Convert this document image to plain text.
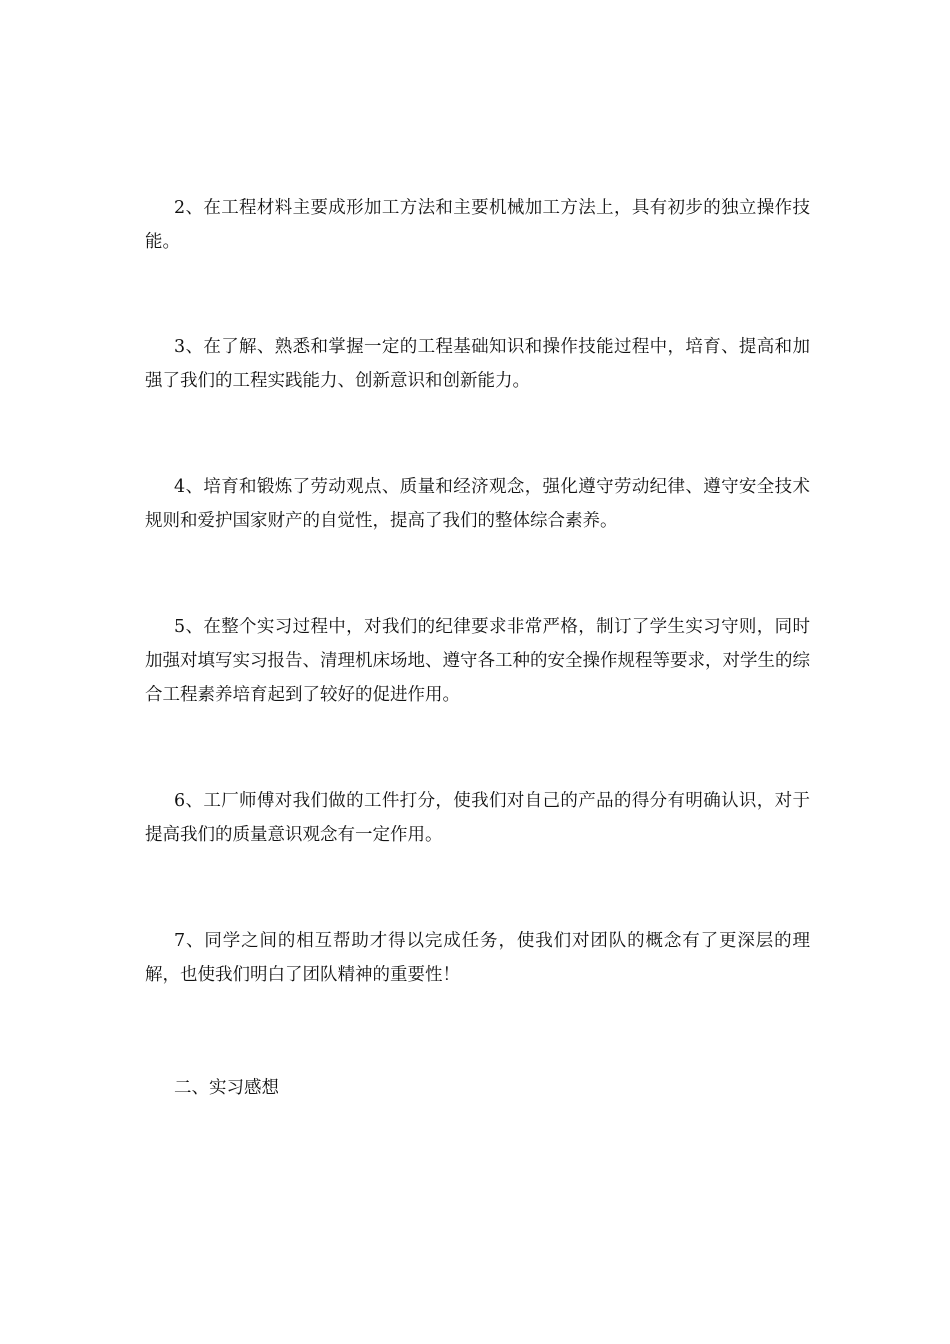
2、在工程材料主要成形加工方法和主要机械加工方法上，具有初步的独立操作技能。

3、在了解、熟悉和掌握一定的工程基础知识和操作技能过程中，培育、提高和加强了我们的工程实践能力、创新意识和创新能力。

4、培育和锻炼了劳动观点、质量和经济观念，强化遵守劳动纪律、遵守安全技术规则和爱护国家财产的自觉性，提高了我们的整体综合素养。

5、在整个实习过程中，对我们的纪律要求非常严格，制订了学生实习守则，同时加强对填写实习报告、清理机床场地、遵守各工种的安全操作规程等要求，对学生的综合工程素养培育起到了较好的促进作用。

6、工厂师傅对我们做的工件打分，使我们对自己的产品的得分有明确认识，对于提高我们的质量意识观念有一定作用。

7、同学之间的相互帮助才得以完成任务，使我们对团队的概念有了更深层的理解，也使我们明白了团队精神的重要性！

二、实习感想
